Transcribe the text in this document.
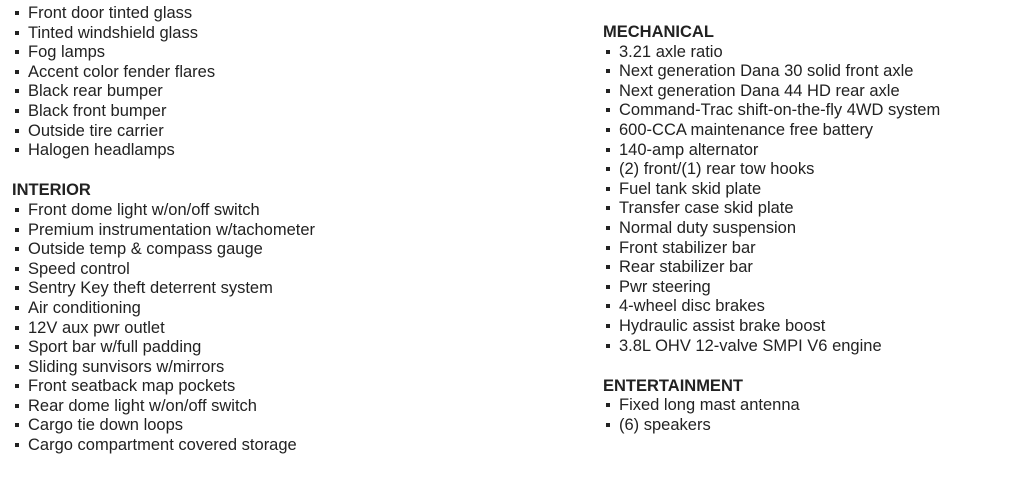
Front door tinted glass
Tinted windshield glass
Fog lamps
Accent color fender flares
Black rear bumper
Black front bumper
Outside tire carrier
Halogen headlamps
INTERIOR
Front dome light w/on/off switch
Premium instrumentation w/tachometer
Outside temp & compass gauge
Speed control
Sentry Key theft deterrent system
Air conditioning
12V aux pwr outlet
Sport bar w/full padding
Sliding sunvisors w/mirrors
Front seatback map pockets
Rear dome light w/on/off switch
Cargo tie down loops
Cargo compartment covered storage
MECHANICAL
3.21 axle ratio
Next generation Dana 30 solid front axle
Next generation Dana 44 HD rear axle
Command-Trac shift-on-the-fly 4WD system
600-CCA maintenance free battery
140-amp alternator
(2) front/(1) rear tow hooks
Fuel tank skid plate
Transfer case skid plate
Normal duty suspension
Front stabilizer bar
Rear stabilizer bar
Pwr steering
4-wheel disc brakes
Hydraulic assist brake boost
3.8L OHV 12-valve SMPI V6 engine
ENTERTAINMENT
Fixed long mast antenna
(6) speakers
